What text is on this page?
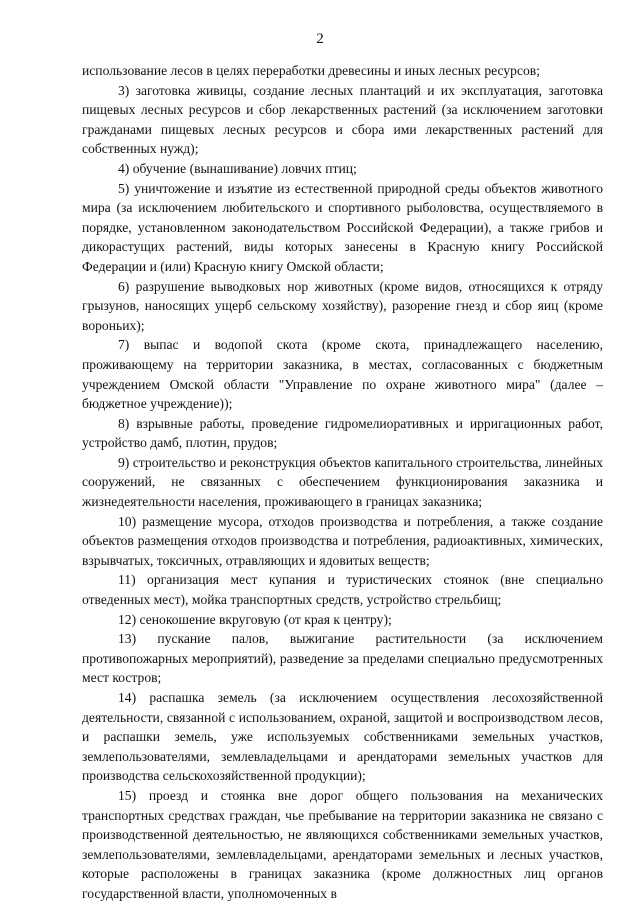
2

использование лесов в целях переработки древесины и иных лесных ресурсов;

3) заготовка живицы, создание лесных плантаций и их эксплуатация, заготовка пищевых лесных ресурсов и сбор лекарственных растений (за исключением заготовки гражданами пищевых лесных ресурсов и сбора ими лекарственных растений для собственных нужд);

4) обучение (вынашивание) ловчих птиц;

5) уничтожение и изъятие из естественной природной среды объектов животного мира (за исключением любительского и спортивного рыболовства, осуществляемого в порядке, установленном законодательством Российской Федерации), а также грибов и дикорастущих растений, виды которых занесены в Красную книгу Российской Федерации и (или) Красную книгу Омской области;

6) разрушение выводковых нор животных (кроме видов, относящихся к отряду грызунов, наносящих ущерб сельскому хозяйству), разорение гнезд и сбор яиц (кроме вороньих);

7) выпас и водопой скота (кроме скота, принадлежащего населению, проживающему на территории заказника, в местах, согласованных с бюджетным учреждением Омской области "Управление по охране животного мира" (далее – бюджетное учреждение));

8) взрывные работы, проведение гидромелиоративных и ирригационных работ, устройство дамб, плотин, прудов;

9) строительство и реконструкция объектов капитального строительства, линейных сооружений, не связанных с обеспечением функционирования заказника и жизнедеятельности населения, проживающего в границах заказника;

10) размещение мусора, отходов производства и потребления, а также создание объектов размещения отходов производства и потребления, радиоактивных, химических, взрывчатых, токсичных, отравляющих и ядовитых веществ;

11) организация мест купания и туристических стоянок (вне специально отведенных мест), мойка транспортных средств, устройство стрельбищ;

12) сенокошение вкруговую (от края к центру);

13) пускание палов, выжигание растительности (за исключением противопожарных мероприятий), разведение за пределами специально предусмотренных мест костров;

14) распашка земель (за исключением осуществления лесохозяйственной деятельности, связанной с использованием, охраной, защитой и воспроизводством лесов, и распашки земель, уже используемых собственниками земельных участков, землепользователями, землевладельцами и арендаторами земельных участков для производства сельскохозяйственной продукции);

15) проезд и стоянка вне дорог общего пользования на механических транспортных средствах граждан, чье пребывание на территории заказника не связано с производственной деятельностью, не являющихся собственниками земельных участков, землепользователями, землевладельцами, арендаторами земельных и лесных участков, которые расположены в границах заказника (кроме должностных лиц органов государственной власти, уполномоченных в
